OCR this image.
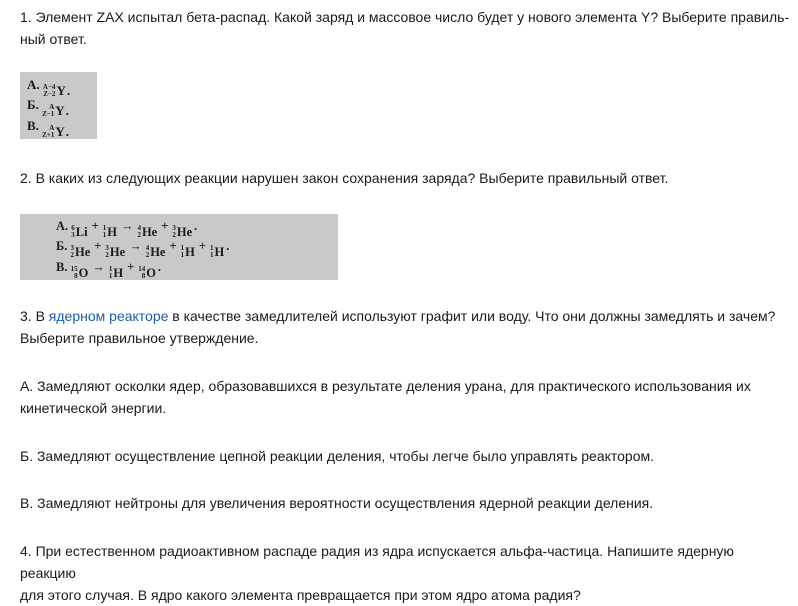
1. Элемент ZAX испытал бета-распад. Какой заряд и массовое число будет у нового элемента Y? Выберите правиль-
ный ответ.

А. A−4
Z−2 Y .
Б. A
Z−1 Y .
В. A
Z+1 Y .

2. В каких из следующих реакции нарушен закон сохранения заряда? Выберите правильный ответ.

А. 6
3 Li + 1
1 H → 4
2 He + 3
2 He .
Б. 3
2 He + 3
2 He → 4
2 He + 1
1 H + 1
1 H .
В. 15
8 O → 1
1 H + 14
8 O .

3. В ядерном реакторе в качестве замедлителей используют графит или воду. Что они должны замедлять и зачем?
Выберите правильное утверждение.

А. Замедляют осколки ядер, образовавшихся в результате деления урана, для практического использования их
кинетической энергии.

Б. Замедляют осуществление цепной реакции деления, чтобы легче было управлять реактором.

В. Замедляют нейтроны для увеличения вероятности осуществления ядерной реакции деления.

4. При естественном радиоактивном распаде радия из ядра испускается альфа-частица. Напишите ядерную реакцию
для этого случая. В ядро какого элемента превращается при этом ядро атома радия?
